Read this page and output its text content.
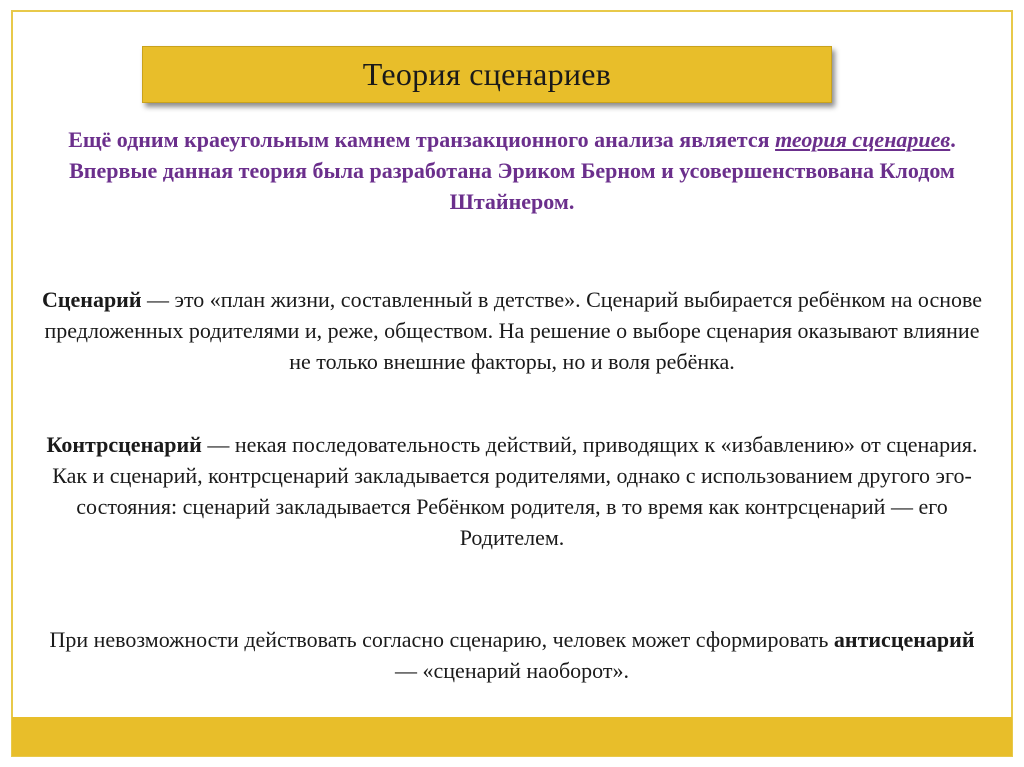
Теория сценариев
Ещё одним краеугольным камнем транзакционного анализа является теория сценариев. Впервые данная теория была разработана Эриком Берном и усовершенствована Клодом Штайнером.
Сценарий — это «план жизни, составленный в детстве». Сценарий выбирается ребёнком на основе предложенных родителями и, реже, обществом. На решение о выборе сценария оказывают влияние не только внешние факторы, но и воля ребёнка.
Контрсценарий — некая последовательность действий, приводящих к «избавлению» от сценария. Как и сценарий, контрсценарий закладывается родителями, однако с использованием другого эго-состояния: сценарий закладывается Ребёнком родителя, в то время как контрсценарий — его Родителем.
При невозможности действовать согласно сценарию, человек может сформировать антисценарий — «сценарий наоборот».
